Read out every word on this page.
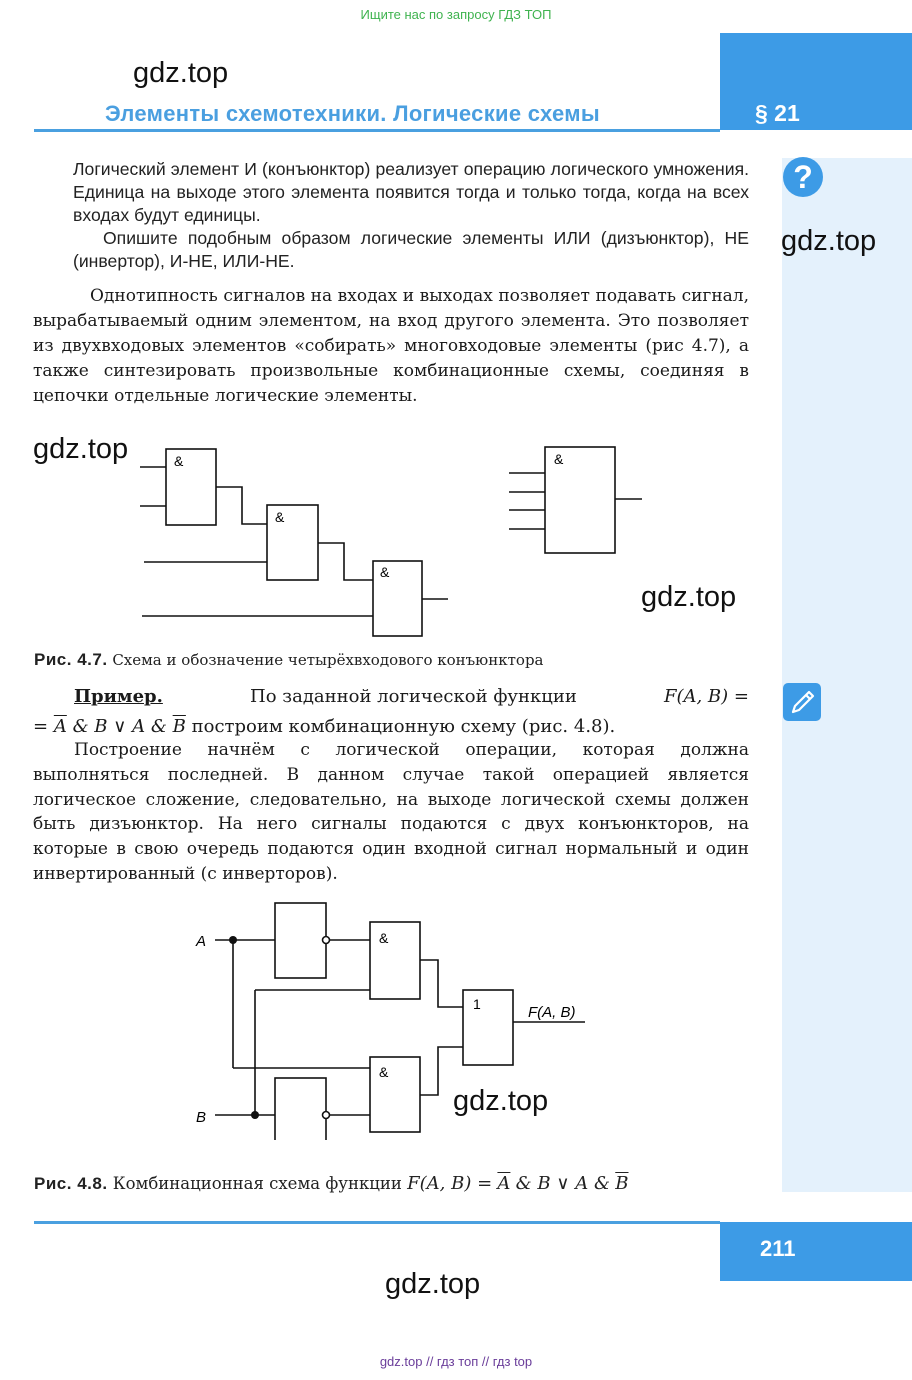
Ищите нас по запросу ГДЗ ТОП
gdz.top
§ 21
Элементы схемотехники. Логические схемы
?
gdz.top

Логический элемент И (конъюнктор) реализует операцию логического умножения. Единица на выходе этого элемента появится тогда и только тогда, когда на всех входах будут единицы.

Опишите подобным образом логические элементы ИЛИ (дизъюнктор), НЕ (инвертор), И-НЕ, ИЛИ-НЕ.

Однотипность сигналов на входах и выходах позволяет подавать сигнал, вырабатываемый одним элементом, на вход другого элемента. Это позволяет из двухвходовых элементов «собирать» многовходовые элементы (рис 4.7), а также синтезировать произвольные комбинационные схемы, соединяя в цепочки отдельные логические элементы.

gdz.top	&
&
&
&
gdz.top
Рис. 4.7. Схема и обозначение четырёхвходового конъюнктора
Пример.	По заданной логической функции	F(A, B) =
= $\overline{A}$ & B ∨ A & $\overline{B}$ построим комбинационную схему (рис. 4.8).

Построение начнём с логической операции, которая должна выполняться последней. В данном случае такой операцией является логическое сложение, следовательно, на выходе логической схемы должен быть дизъюнктор. На него сигналы подаются с двух конъюнкторов, на которые в свою очередь подаются один входной сигнал нормальный и один инвертированный (с инверторов).

A
B
&
&
1	F(A, B)
gdz.top
Рис. 4.8. Комбинационная схема функции F(A, $B) = \overline{A}$ & B ∨ A & $\overline{B}$
211
gdz.top
gdz.top // гдз топ // гдз top
